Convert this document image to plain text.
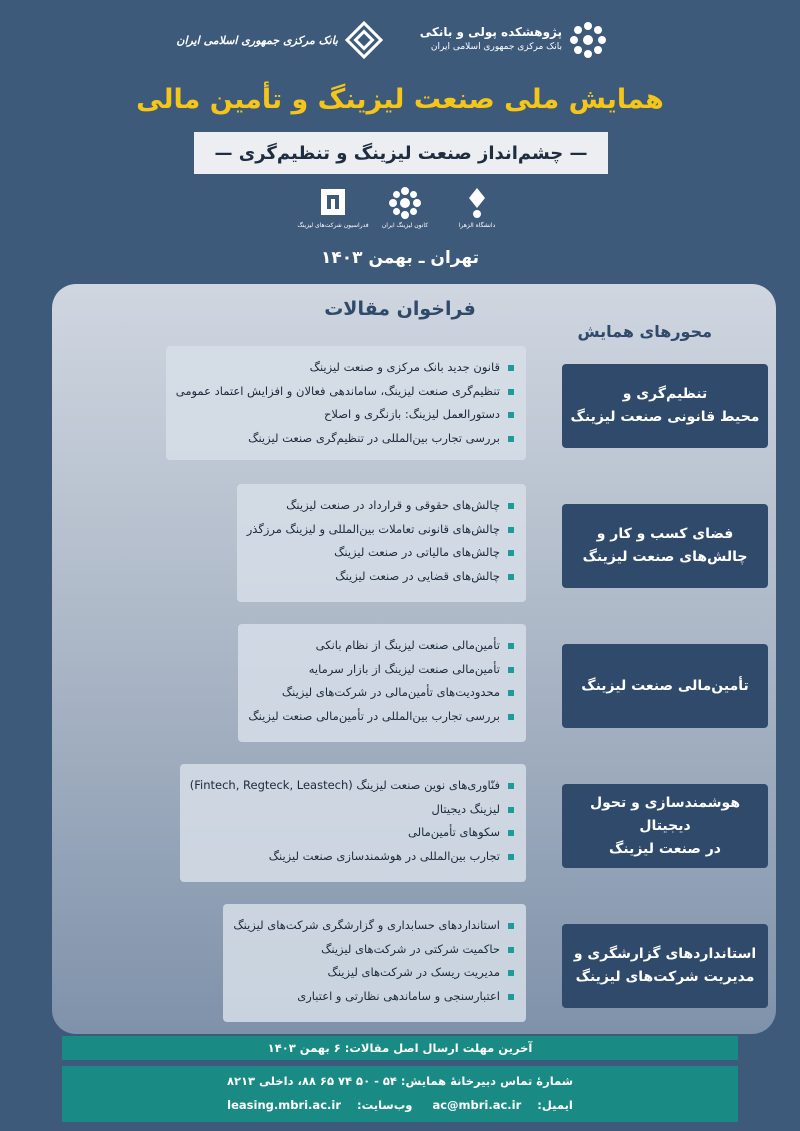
پژوهشکده پولی و بانکی
بانک مرکزی جمهوری اسلامی ایران
بانک مرکزی جمهوری اسلامی ایران
همایش ملی صنعت لیزینگ و تأمین مالی
— چشم‌انداز صنعت لیزینگ و تنظیم‌گری —
دانشگاه الزهرا
کانون لیزینگ ایران
فدراسیون شرکت‌های لیزینگ
تهران ـ بهمن ۱۴۰۳
فراخوان مقالات
محورهای همایش
تنظیم‌گری و
محیط قانونی صنعت لیزینگ
قانون جدید بانک مرکزی و صنعت لیزینگ
تنظیم‌گری صنعت لیزینگ، ساماندهی فعالان و افزایش اعتماد عمومی
دستورالعمل لیزینگ: بازنگری و اصلاح
بررسی تجارب بین‌المللی در تنظیم‌گری صنعت لیزینگ
فضای کسب و کار و
چالش‌های صنعت لیزینگ
چالش‌های حقوقی و قرارداد در صنعت لیزینگ
چالش‌های قانونی تعاملات بین‌المللی و لیزینگ مرزگذر
چالش‌های مالیاتی در صنعت لیزینگ
چالش‌های قضایی در صنعت لیزینگ
تأمین‌مالی صنعت لیزینگ
تأمین‌مالی صنعت لیزینگ از نظام بانکی
تأمین‌مالی صنعت لیزینگ از بازار سرمایه
محدودیت‌های تأمین‌مالی در شرکت‌های لیزینگ
بررسی تجارب بین‌المللی در تأمین‌مالی صنعت لیزینگ
هوشمندسازی و تحول دیجیتال
در صنعت لیزینگ
فنّاوری‌های نوین صنعت لیزینگ (Fintech, Regteck, Leastech)
لیزینگ دیجیتال
سکوهای تأمین‌مالی
تجارب بین‌المللی در هوشمندسازی صنعت لیزینگ
استانداردهای گزارشگری و
مدیریت شرکت‌های لیزینگ
استانداردهای حسابداری و گزارشگری شرکت‌های لیزینگ
حاکمیت شرکتی در شرکت‌های لیزینگ
مدیریت ریسک در شرکت‌های لیزینگ
اعتبارسنجی و ساماندهی نظارتی و اعتباری
آخرین مهلت ارسال اصل مقالات: ۶ بهمن ۱۴۰۳
شمارهٔ تماس دبیرخانهٔ همایش: ۵۴ - ۵۰ ۷۴ ۶۵ ۸۸، داخلی ۸۲۱۳
ایمیل:ac@mbri.ac.ir وب‌سایت:leasing.mbri.ac.ir
